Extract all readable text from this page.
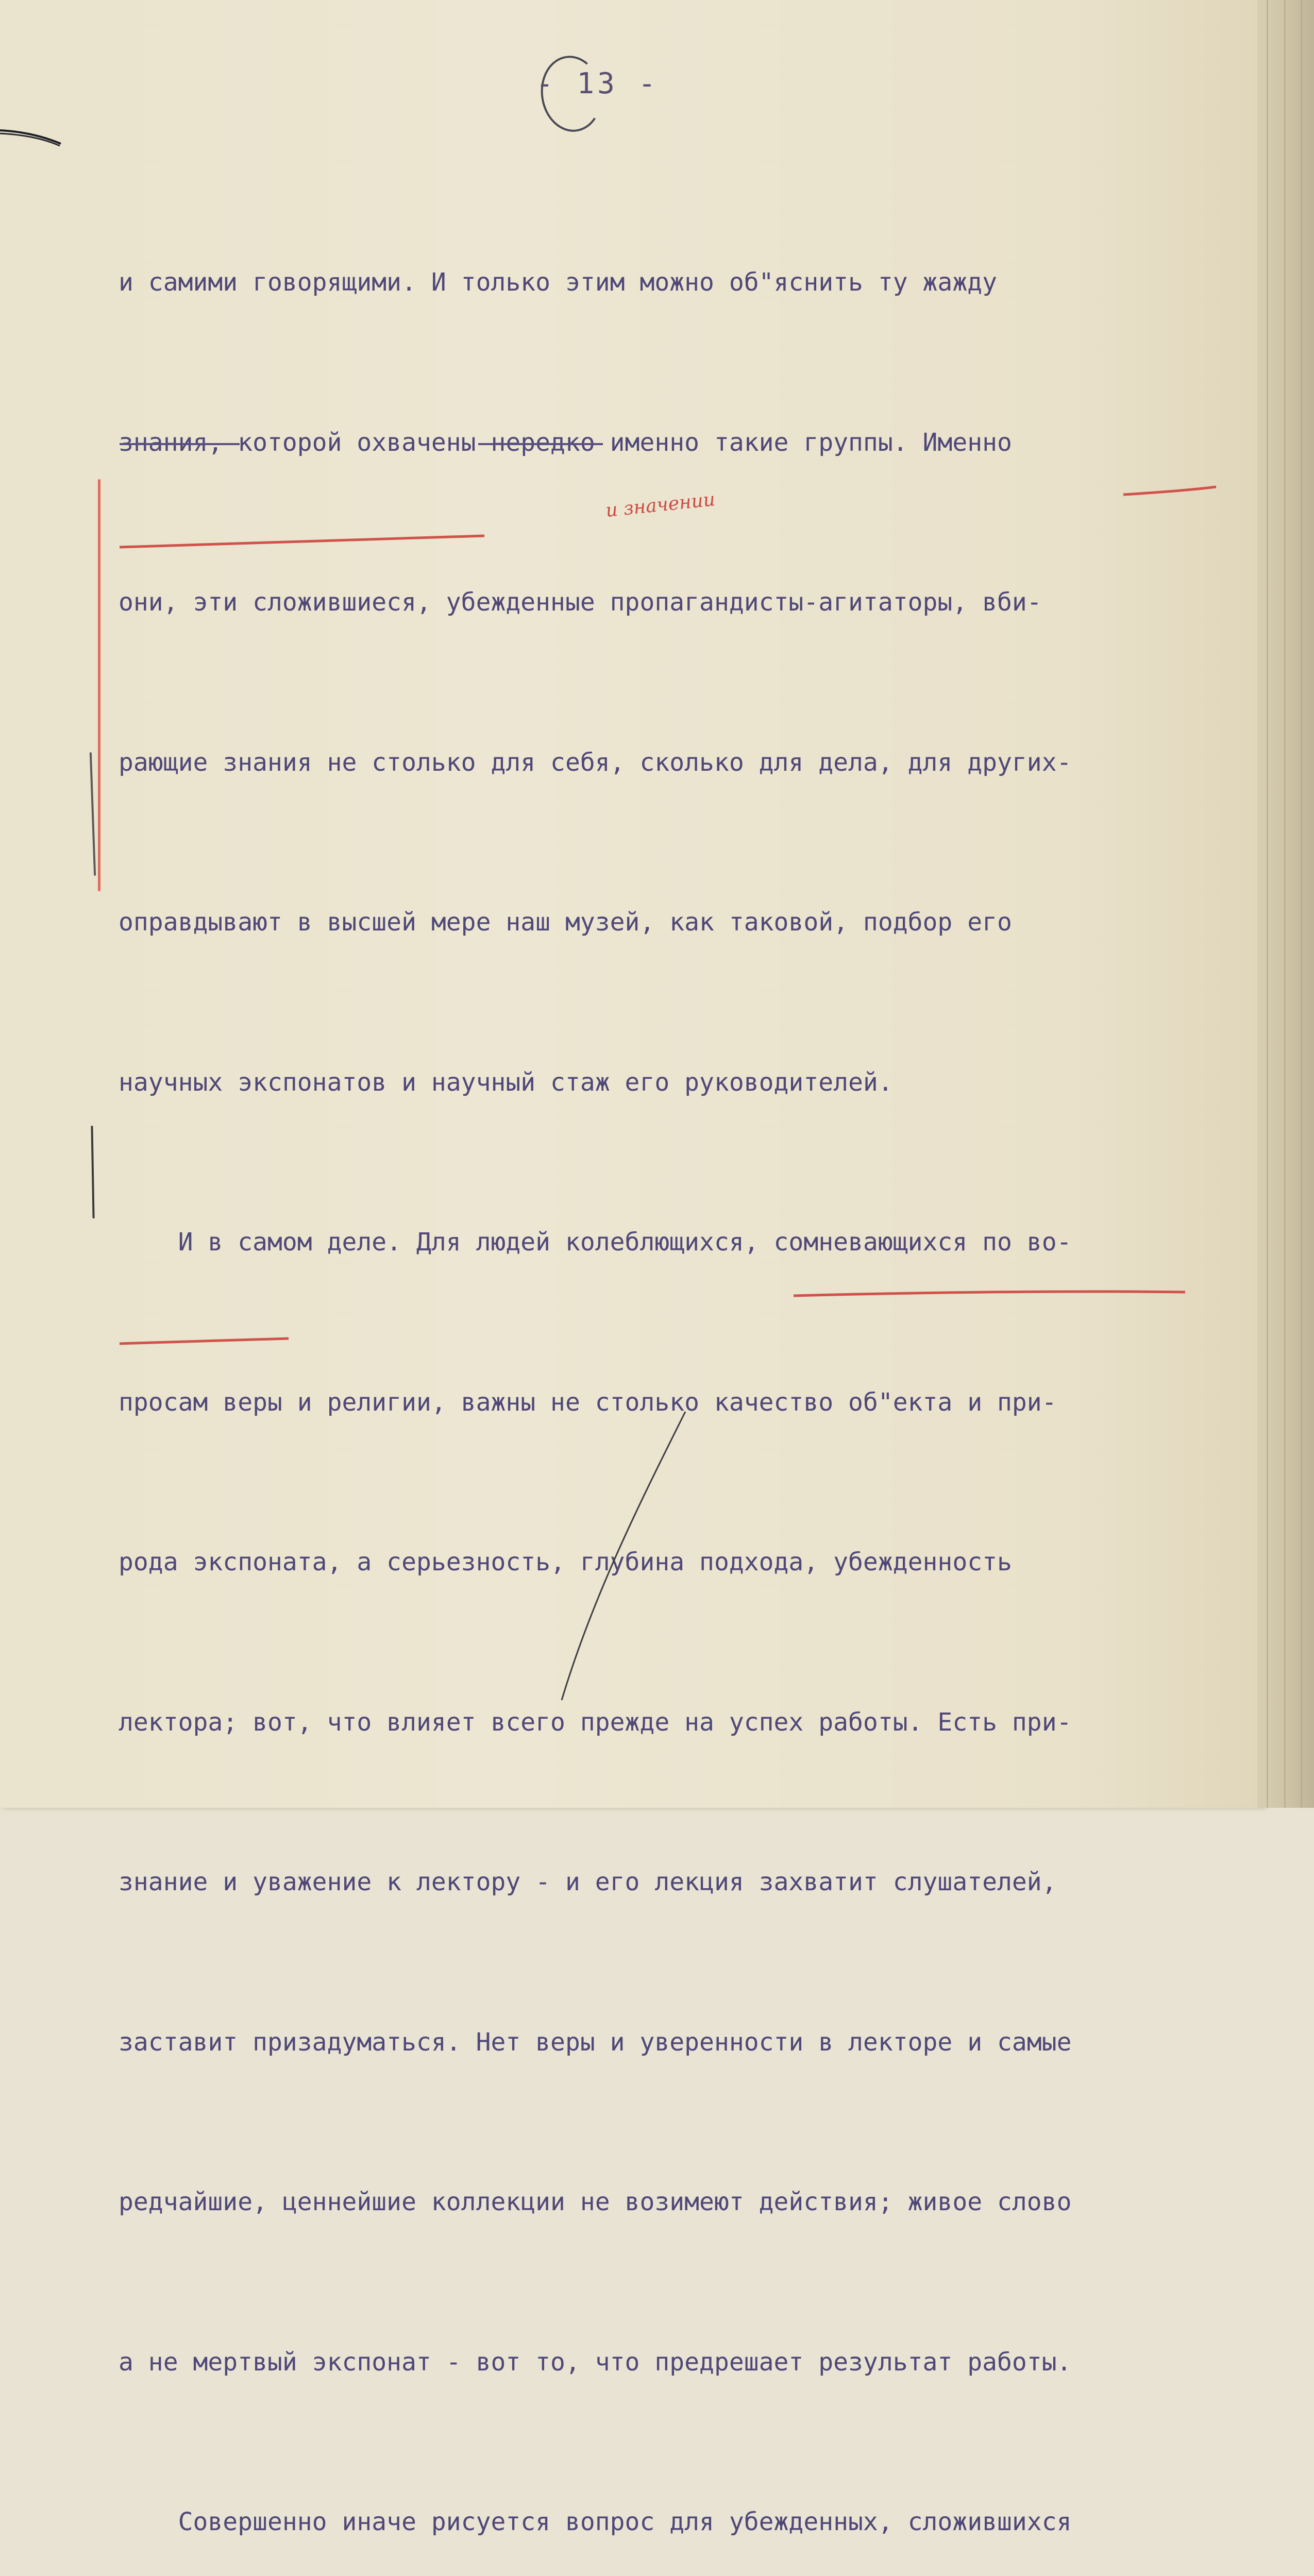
- 13 -
и значении

и самими говорящими. И только этим можно об"яснить ту жажду

знания, которой охвачены нередко именно такие группы. Именно

они, эти сложившиеся, убежденные пропагандисты-агитаторы, вби-

рающие знания не столько для себя, сколько для дела, для других-

оправдывают в высшей мере наш музей, как таковой, подбор его

научных экспонатов и научный стаж его руководителей.

И в самом деле. Для людей колеблющихся, сомневающихся по во-

просам веры и религии, важны не столько качество об"екта и при-

рода экспоната, а серьезность, глубина подхода, убежденность

лектора; вот, что влияет всего прежде на успех работы. Есть при-

знание и уважение к лектору - и его лекция захватит слушателей,

заставит призадуматься. Нет веры и уверенности в лекторе и самые

редчайшие, ценнейшие коллекции не возимеют действия; живое слово

а не мертвый экспонат - вот то, что предрешает результат работы.

Совершенно иначе рисуется вопрос для убежденных, сложившихся
